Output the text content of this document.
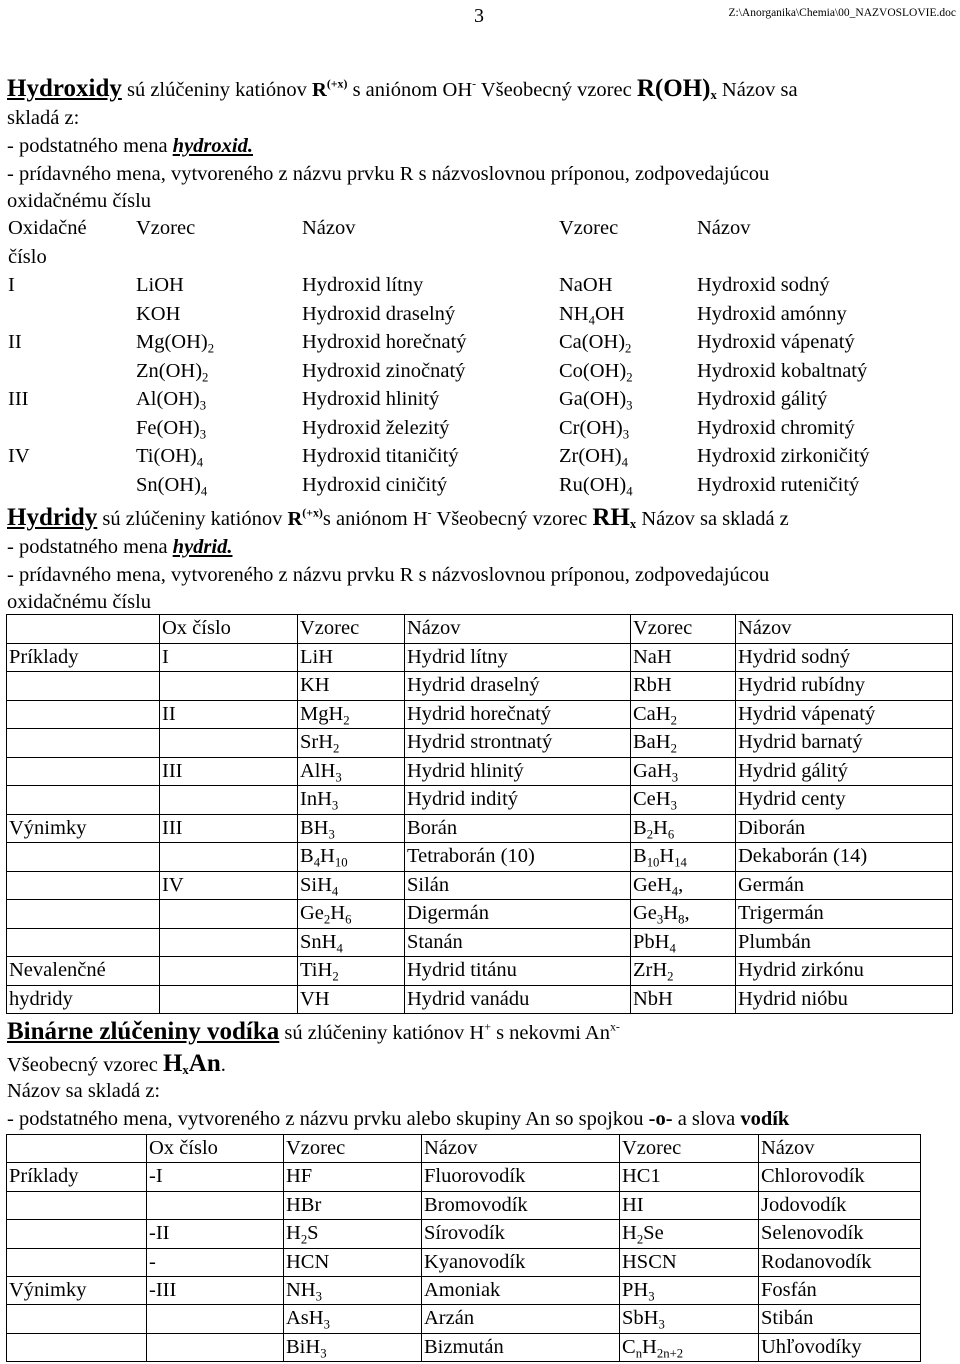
3	Z:\Anorganika\Chemia\00_NAZVOSLOVIE.doc
Hydroxidy sú zlúčeniny katiónov $R^{(+x)}$ s aniónom OH- Všeobecný vzorec $R(OH)_x$ Názov sa
skladá z:
- podstatného mena hydroxid.
- prídavného mena, vytvoreného z názvu prvku R s názvoslovnou príponou, zodpovedajúcou
oxidačnému číslu
Oxidačné	Vzorec	Názov	Vzorec	Názov
číslo				
I	LiOH	Hydroxid lítny	NaOH	Hydroxid sodný
	KOH	Hydroxid draselný	NH4OH	Hydroxid amónny
II	Mg(OH)2	Hydroxid horečnatý	Ca(OH)2	Hydroxid vápenatý
	Zn(OH)2	Hydroxid zinočnatý	Co(OH)2	Hydroxid kobaltnatý
III	Al(OH)3	Hydroxid hlinitý	Ga(OH)3	Hydroxid gálitý
	Fe(OH)3	Hydroxid železitý	Cr(OH)3	Hydroxid chromitý
IV	Ti(OH)4	Hydroxid titaničitý	Zr(OH)4	Hydroxid zirkoničitý
	Sn(OH)4	Hydroxid ciničitý	Ru(OH)4	Hydroxid ruteničitý
Hydridy sú zlúčeniny katiónov $R^{(+x)}s$ aniónom H- Všeobecný vzorec $RH_x$ Názov sa skladá z
- podstatného mena hydrid.
- prídavného mena, vytvoreného z názvu prvku R s názvoslovnou príponou, zodpovedajúcou
oxidačnému číslu
	Ox číslo	Vzorec	Názov	Vzorec	Názov
Príklady	I	LiH	Hydrid lítny	NaH	Hydrid sodný
		KH	Hydrid draselný	RbH	Hydrid rubídny
	II	MgH2	Hydrid horečnatý	CaH2	Hydrid vápenatý
		SrH2	Hydrid strontnatý	BaH2	Hydrid barnatý
	III	AlH3	Hydrid hlinitý	GaH3	Hydrid gálitý
		InH3	Hydrid inditý	CeH3	Hydrid centy
Výnimky	III	BH3	Borán	B2H6	Diborán
		B4H10	Tetraborán (10)	B10H14	Dekaborán (14)
	IV	SiH4	Silán	GeH4,	Germán
		Ge2H6	Digermán	Ge3H8,	Trigermán
		SnH4	Stanán	PbH4	Plumbán
Nevalenčné		TiH2	Hydrid titánu	ZrH2	Hydrid zirkónu
hydridy		VH	Hydrid vanádu	NbH	Hydrid nióbu
Binárne zlúčeniny vodíka sú zlúčeniny katiónov H+ s nekovmi $An^{x-}$
Všeobecný vzorec $H_xAn$.
Názov sa skladá z:
- podstatného mena, vytvoreného z názvu prvku alebo skupiny An so spojkou -o- a slova vodík
	Ox číslo	Vzorec	Názov	Vzorec	Názov
Príklady	-I	HF	Fluorovodík	HC1	Chlorovodík
		HBr	Bromovodík	HI	Jodovodík
	-II	H2S	Sírovodík	H2Se	Selenovodík
	-	HCN	Kyanovodík	HSCN	Rodanovodík
Výnimky	-III	NH3	Amoniak	PH3	Fosfán
		AsH3	Arzán	SbH3	Stibán
		BiH3	Bizmután	CnH2n+2	Uhľovodíky
